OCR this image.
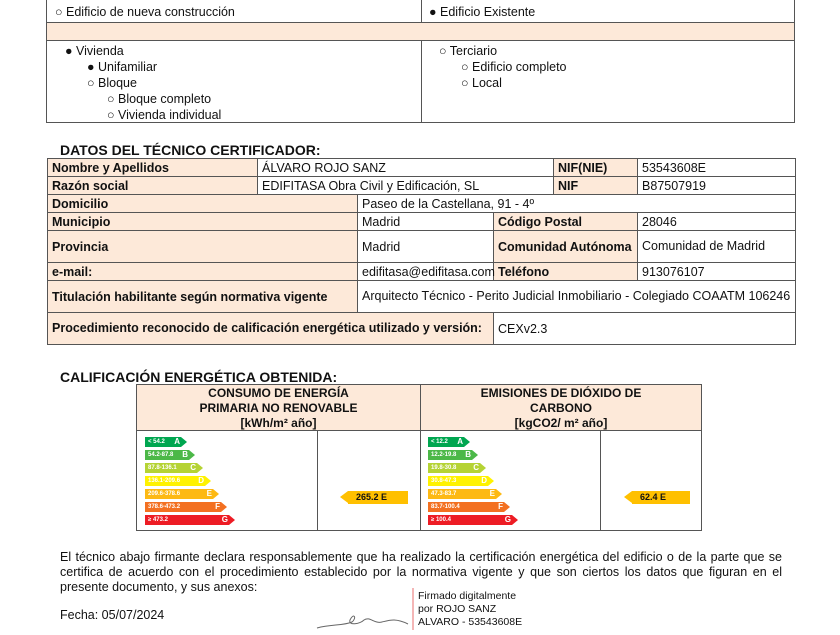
○ Edificio de nueva construcción	● Edificio Existente
● Vivienda
● Unifamiliar
○ Bloque
○ Bloque completo
○ Vivienda individual
○ Terciario
○ Edificio completo
○ Local
DATOS DEL TÉCNICO CERTIFICADOR:
Nombre y Apellidos	ÁLVARO ROJO SANZ			NIF(NIE)	53543608E
Razón social	EDIFITASA Obra Civil y Edificación, SL			NIF	B87507919
Domicilio		Paseo de la Castellana, 91 - 4º			
Municipio		Madrid	Código Postal		28046
Provincia		Madrid	Comunidad Autónoma		Comunidad de Madrid
e-mail:		edifitasa@edifitasa.com	Teléfono		913076107
Titulación habilitante según normativa vigente		Arquitecto Técnico - Perito Judicial Inmobiliario - Colegiado COAATM 106246			
Procedimiento reconocido de calificación energética utilizado y versión:			CEXv2.3		
CALIFICACIÓN ENERGÉTICA OBTENIDA:
CONSUMO DE ENERGÍA
PRIMARIA NO RENOVABLE
[kWh/m² año]
EMISIONES DE DIÓXIDO DE
CARBONO
[kgCO2/ m² año]
< 54.2 A
54.2-87.8 B
87.8-136.1 C
136.1-209.6 D
209.6-378.6	E
378.6-473.2	F
≥ 473.2	G
< 12.2 A
12.2-19.8 B
19.8-30.8 C
30.8-47.3	D
47.3-83.7	E
83.7-100.4	F
≥ 100.4	G
265.2 E	62.4 E
El técnico abajo firmante declara responsablemente que ha realizado la certificación energética del edificio o de la parte que se certifica de acuerdo con el procedimiento establecido por la normativa vigente y que son ciertos los datos que figuran en el presente documento, y sus anexos:
Fecha: 05/07/2024
Firmado digitalmente
por ROJO SANZ
ALVARO - 53543608E
